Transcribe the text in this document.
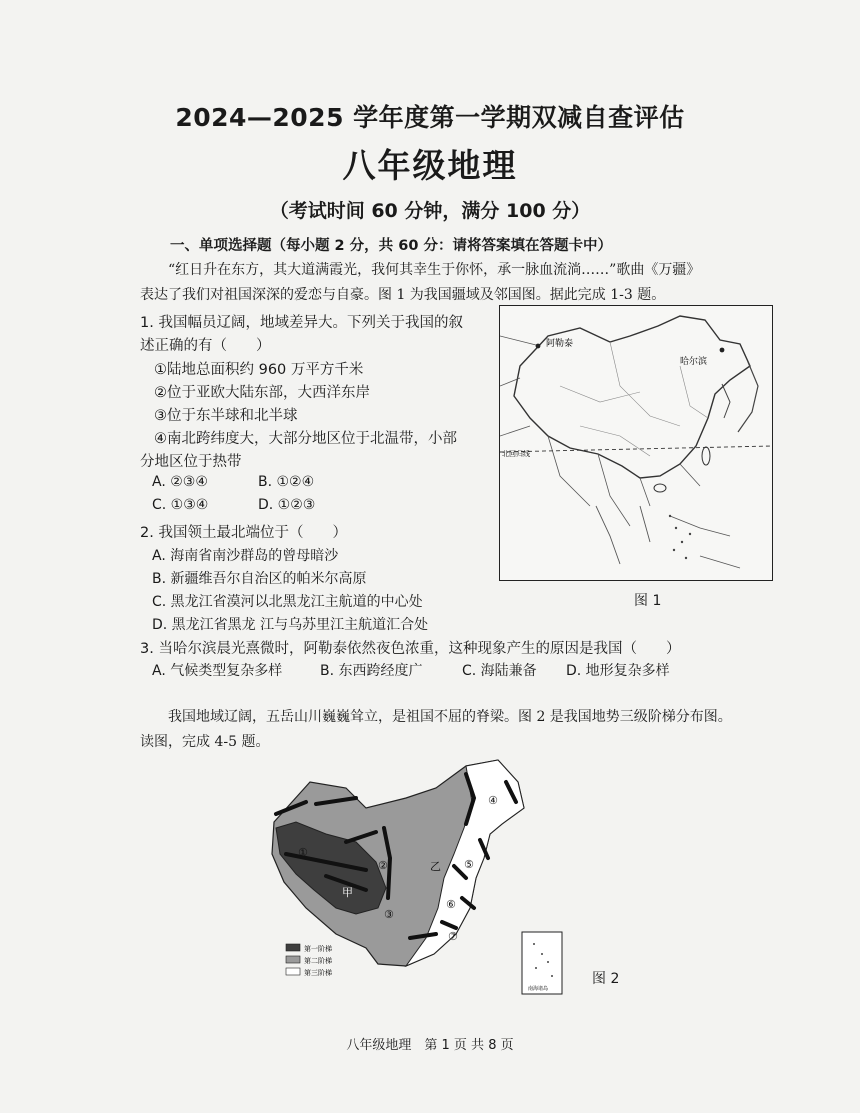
2024—2025 学年度第一学期双减自查评估
八年级地理
（考试时间 60 分钟，满分 100 分）
一、单项选择题（每小题 2 分，共 60 分：请将答案填在答题卡中）
“红日升在东方，其大道满霞光，我何其幸生于你怀，承一脉血流淌……”歌曲《万疆》
表达了我们对祖国深深的爱恋与自豪。图 1 为我国疆域及邻国图。据此完成 1-3 题。
1. 我国幅员辽阔，地域差异大。下列关于我国的叙
述正确的有（　　）
①陆地总面积约 960 万平方千米
②位于亚欧大陆东部，大西洋东岸
③位于东半球和北半球
④南北跨纬度大，大部分地区位于北温带，小部
分地区位于热带
A. ②③④	B. ①②④
C. ①③④	D. ①②③
2. 我国领土最北端位于（　　）
A. 海南省南沙群岛的曾母暗沙
B. 新疆维吾尔自治区的帕米尔高原
C. 黑龙江省漠河以北黑龙江主航道的中心处
D. 黑龙江省黑龙 江与乌苏里江主航道汇合处
3. 当哈尔滨晨光熹微时，阿勒泰依然夜色浓重，这种现象产生的原因是我国（　　）
A. 气候类型复杂多样	B. 东西跨经度广	C. 海陆兼备 D. 地形复杂多样
阿勒泰
哈尔滨
北回归线
图 1
我国地域辽阔，五岳山川巍巍耸立，是祖国不屈的脊梁。图 2 是我国地势三级阶梯分布图。
读图，完成 4-5 题。
①
②
③
④
⑤
⑥
⑦
甲
乙
第一阶梯
第二阶梯
第三阶梯
南海诸岛
图 2
八年级地理　第 1 页 共 8 页
